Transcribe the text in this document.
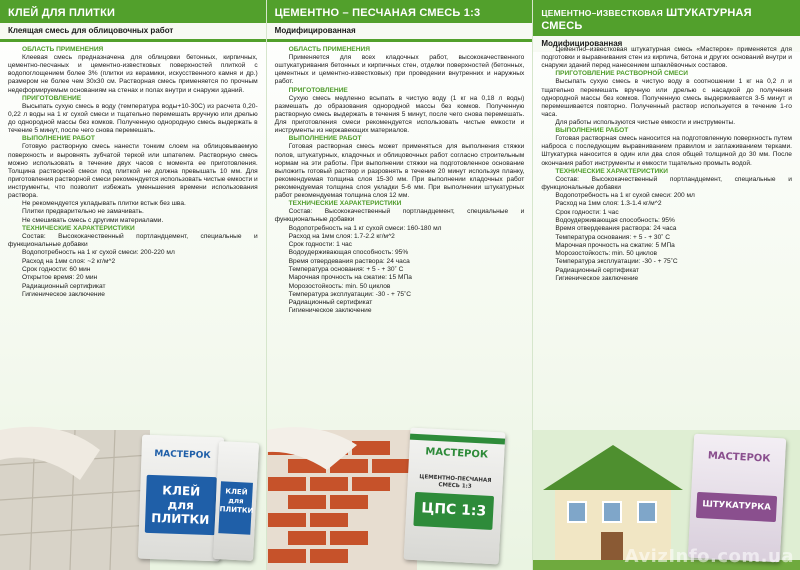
КЛЕЙ ДЛЯ ПЛИТКИ
Клеящая смесь для облицовочных работ
ОБЛАСТЬ ПРИМЕНЕНИЯ
Клеевая смесь предназначена для облицовки бетонных, кирпичных, цементно-песчаных и цементно-известковых поверхностей плиткой с водопоглощением более 3% (плитки из керамики, искусственного камня и др.) размером не более чем 30х30 см. Растворная смесь применяется по прочным недеформируемым основаниям на стенах и полах внутри и снаружи зданий.
ПРИГОТОВЛЕНИЕ
Высыпать сухую смесь в воду (температура воды+10-30С) из расчета 0,20-0,22 л воды на 1 кг сухой смеси и тщательно перемешать вручную или дрелью до однородной массы без комков. Полученную однородную смесь выдержать в течение 5 минут, после чего снова перемешать.
ВЫПОЛНЕНИЕ РАБОТ
Готовую растворную смесь нанести тонким слоем на облицовываемую поверхность и выровнять зубчатой теркой или шпателем. Растворную смесь можно использовать в течение двух часов с момента ее приготовления. Толщина растворной смеси под плиткой не должна превышать 10 мм. Для приготовления растворной смеси рекомендуется использовать чистые емкости и инструменты, что позволит избежать уменьшения времени использования раствора.
Не рекомендуется укладывать плитки встык без шва.
Плитки предварительно не замачивать.
Не смешивать смесь с другими материалами.
ТЕХНИЧЕСКИЕ ХАРАКТЕРИСТИКИ
Состав: Высококачественный портландцемент, специальные и функциональные добавки
Водопотребность на 1 кг сухой смеси: 200-220 мл
Расход на 1мм слоя: ~2 кг/м^2
Срок годности: 60 мин
Открытое время: 20 мин
Радиационный сертификат
Гигиеническое заключение
МАСТЕРОК
КЛЕЙ для ПЛИТКИ
КЛЕЙ для ПЛИТКИ
ЦЕМЕНТНО – ПЕСЧАНАЯ СМЕСЬ 1:3
Модифицированная
ОБЛАСТЬ ПРИМЕНЕНИЯ
Применяется для всех кладочных работ, высококачественного оштукатуривания бетонных и кирпичных стен, отделки поверхностей (бетонных, цементных и цементно-известковых) при проведении внутренних и наружных работ.
ПРИГОТОВЛЕНИЕ
Сухую смесь медленно всыпать в чистую воду (1 кг на 0,18 л воды) размешать до образования однородной массы без комков. Полученную растворную смесь выдержать в течения 5 минут, после чего снова перемешать. Для приготовления смеси рекомендуется использовать чистые емкости и инструменты из нержавеющих материалов.
ВЫПОЛНЕНИЕ РАБОТ
Готовая растворная смесь может применяться для выполнения стяжки полов, штукатурных, кладочных и облицовочных работ согласно строительным нормам на эти работы. При выполнении стяжки на подготовленное основание выложить готовый раствор и разровнять в течение 20 минут используя планку, рекомендуемая толщина слоя 15-30 мм. При выполнении кладочных работ рекомендуемая толщина слоя укладки 5-6 мм. При выполнении штукатурных работ рекомендуемая толщина слоя 12 мм.
ТЕХНИЧЕСКИЕ ХАРАКТЕРИСТИКИ
Состав: Высококачественный портландцемент, специальные и функциональные добавки
Водопотребность на 1 кг сухой смеси: 160-180 мл
Расход на 1мм слоя: 1.7-2.2 кг/м^2
Срок годности: 1 час
Водоудерживающая способность: 95%
Время отвердевания раствора: 24 часа
Температура основания: + 5 - + 30˚ С
Марочная прочность на сжатие: 15 МПа
Морозостойкость: min. 50 циклов
Температура эксплуатации: -30 - + 75˚С
Радиационный сертификат
Гигиеническое заключение
МАСТЕРОК
ЦЕМЕНТНО-ПЕСЧАНАЯ СМЕСЬ 1:3
ЦПС 1:3
ЦЕМЕНТНО–ИЗВЕСТКОВАЯ ШТУКАТУРНАЯ СМЕСЬ
Модифицированная
Цементно–известковая штукатурная смесь «Мастерок» применяется для подготовки и выравнивания стен из кирпича, бетона и других оснований внутри и снаружи зданий перед нанесением шпаклёвочных составов.
ПРИГОТОВЛЕНИЕ РАСТВОРНОЙ СМЕСИ
Высыпать сухую смесь в чистую воду в соотношении 1 кг на 0,2 л и тщательно перемешать вручную или дрелью с насадкой до получения однородной массы без комков. Полученную смесь выдерживается 3-5 минут и перемешивается повторно. Полученный раствор используется в течение 1-го часа.
Для работы используются чистые емкости и инструменты.
ВЫПОЛНЕНИЕ РАБОТ
Готовая растворная смесь наносится на подготовленную поверхность путем наброса с последующим выравниванием правилом и заглаживанием терками. Штукатурка наносится в один или два слоя общей толщиной до 30 мм. После окончания работ инструменты и емкости тщательно промыть водой.
ТЕХНИЧЕСКИЕ ХАРАКТЕРИСТИКИ
Состав: Высококачественный портландцемент, специальные и функциональные добавки
Водопотребность на 1 кг сухой смеси: 200 мл
Расход на 1мм слоя: 1.3-1.4 кг/м^2
Срок годности: 1 час
Водоудерживающая способность: 95%
Время отвердевания раствора: 24 часа
Температура основания: + 5 - + 30˚ С
Марочная прочность на сжатие: 5 МПа
Морозостойкость: min. 50 циклов
Температура эксплуатации: -30 - + 75˚С
Радиационный сертификат
Гигиеническое заключение
МАСТЕРОК
ШТУКАТУРКА
AvizInfo.com.ua
